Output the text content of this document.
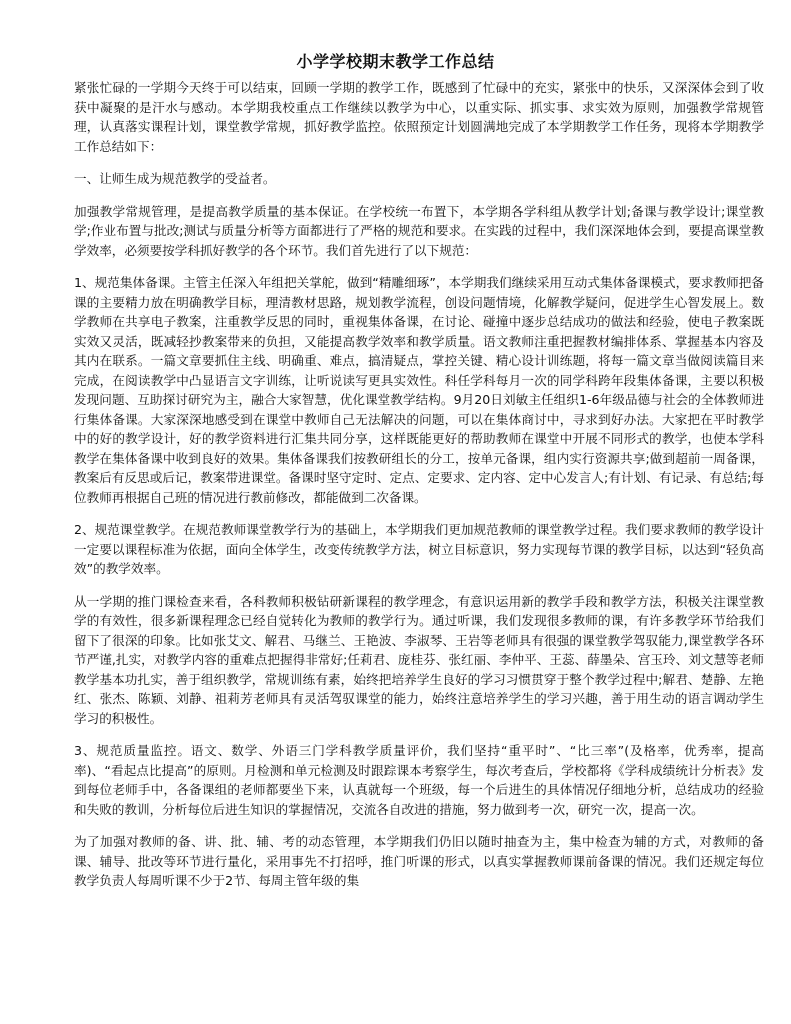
小学学校期末教学工作总结

紧张忙碌的一学期今天终于可以结束，回顾一学期的教学工作，既感到了忙碌中的充实，紧张中的快乐，又深深体会到了收获中凝聚的是汗水与感动。本学期我校重点工作继续以教学为中心，以重实际、抓实事、求实效为原则，加强教学常规管理，认真落实课程计划，课堂教学常规，抓好教学监控。依照预定计划圆满地完成了本学期教学工作任务，现将本学期教学工作总结如下：

一、让师生成为规范教学的受益者。

加强教学常规管理，是提高教学质量的基本保证。在学校统一布置下，本学期各学科组从教学计划;备课与教学设计;课堂教学;作业布置与批改;测试与质量分析等方面都进行了严格的规范和要求。在实践的过程中，我们深深地体会到，要提高课堂教学效率，必须要按学科抓好教学的各个环节。我们首先进行了以下规范：

1、规范集体备课。主管主任深入年组把关掌舵，做到“精雕细琢”，本学期我们继续采用互动式集体备课模式，要求教师把备课的主要精力放在明确教学目标，理清教材思路，规划教学流程，创设问题情境，化解教学疑问，促进学生心智发展上。数学教师在共享电子教案，注重教学反思的同时，重视集体备课，在讨论、碰撞中逐步总结成功的做法和经验，使电子教案既实效又灵活，既减轻抄教案带来的负担，又能提高教学效率和教学质量。语文教师注重把握教材编排体系、掌握基本内容及其内在联系。一篇文章要抓住主线、明确重、难点，搞清疑点，掌控关键、精心设计训练题，将每一篇文章当做阅读篇目来完成，在阅读教学中凸显语言文字训练，让听说读写更具实效性。科任学科每月一次的同学科跨年段集体备课，主要以积极发现问题、互助探讨研究为主，融合大家智慧，优化课堂教学结构。9月20日刘敏主任组织1-6年级品德与社会的全体教师进行集体备课。大家深深地感受到在课堂中教师自己无法解决的问题，可以在集体商讨中，寻求到好办法。大家把在平时教学中的好的教学设计，好的教学资料进行汇集共同分享，这样既能更好的帮助教师在课堂中开展不同形式的教学，也使本学科教学在集体备课中收到良好的效果。集体备课我们按教研组长的分工，按单元备课，组内实行资源共享;做到超前一周备课，教案后有反思或后记，教案带进课堂。备课时坚守定时、定点、定要求、定内容、定中心发言人;有计划、有记录、有总结;每位教师再根据自己班的情况进行教前修改，都能做到二次备课。

2、规范课堂教学。在规范教师课堂教学行为的基础上，本学期我们更加规范教师的课堂教学过程。我们要求教师的教学设计一定要以课程标准为依据，面向全体学生，改变传统教学方法，树立目标意识，努力实现每节课的教学目标，以达到“轻负高效”的教学效率。

从一学期的推门课检查来看，各科教师积极钻研新课程的教学理念，有意识运用新的教学手段和教学方法，积极关注课堂教学的有效性，很多新课程理念已经自觉转化为教师的教学行为。通过听课，我们发现很多教师的课，有许多教学环节给我们留下了很深的印象。比如张艾文、解君、马继兰、王艳波、李淑琴、王岩等老师具有很强的课堂教学驾驭能力,课堂教学各环节严谨,扎实，对教学内容的重难点把握得非常好;任莉君、庞桂芬、张红丽、李仲平、王蕊、薛墨朵、宫玉玲、刘文慧等老师教学基本功扎实，善于组织教学，常规训练有素，始终把培养学生良好的学习习惯贯穿于整个教学过程中;解君、楚静、左艳红、张杰、陈颖、刘静、祖莉芳老师具有灵活驾驭课堂的能力，始终注意培养学生的学习兴趣，善于用生动的语言调动学生学习的积极性。

3、规范质量监控。语文、数学、外语三门学科教学质量评价，我们坚持“重平时”、“比三率”(及格率，优秀率，提高率)、“看起点比提高”的原则。月检测和单元检测及时跟踪课本考察学生，每次考查后，学校都将《学科成绩统计分析表》发到每位老师手中，各备课组的老师都要坐下来，认真就每一个班级，每一个后进生的具体情况仔细地分析，总结成功的经验和失败的教训，分析每位后进生知识的掌握情况，交流各自改进的措施，努力做到考一次，研究一次，提高一次。

为了加强对教师的备、讲、批、辅、考的动态管理，本学期我们仍旧以随时抽查为主，集中检查为辅的方式，对教师的备课、辅导、批改等环节进行量化，采用事先不打招呼，推门听课的形式，以真实掌握教师课前备课的情况。我们还规定每位教学负责人每周听课不少于2节、每周主管年级的集
